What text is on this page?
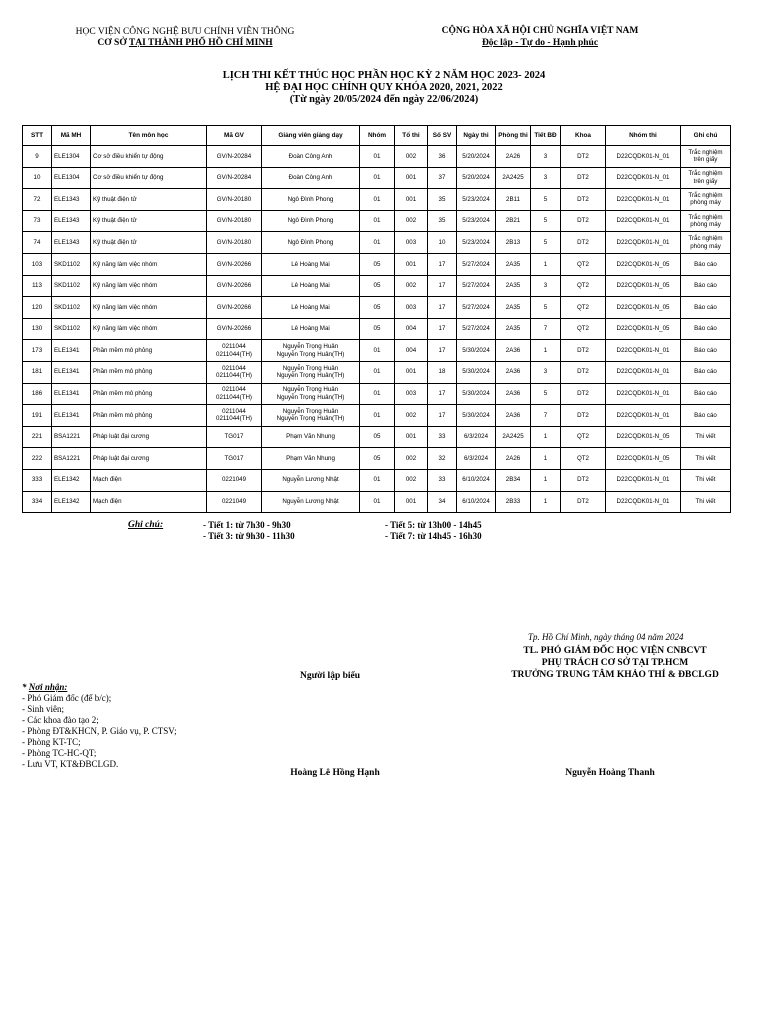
HỌC VIỆN CÔNG NGHỆ BƯU CHÍNH VIỄN THÔNG
CƠ SỞ TẠI THÀNH PHỐ HỒ CHÍ MINH
CỘNG HÒA XÃ HỘI CHỦ NGHĨA VIỆT NAM
Độc lập - Tự do - Hạnh phúc
LỊCH THI KẾT THÚC HỌC PHẦN HỌC KỲ 2 NĂM HỌC 2023- 2024
HỆ ĐẠI HỌC CHÍNH QUY KHÓA 2020, 2021, 2022
(Từ ngày 20/05/2024 đến ngày 22/06/2024)
STT	Mã MH	Tên môn học	Mã GV	Giảng viên giảng dạy	Nhóm	Tổ thi	Số SV	Ngày thi	Phòng thi	Tiết BĐ	Khoa	Nhóm thi	Ghi chú
9	ELE1304	Cơ sở điều khiển tự động	GV/N-20284	Đoàn Công Anh	01	002	36	5/20/2024	2A26	3	DT2	D22CQDK01-N_01	Trắc nghiệm
trên giấy
10	ELE1304	Cơ sở điều khiển tự động	GV/N-20284	Đoàn Công Anh	01	001	37	5/20/2024	2A2425	3	DT2	D22CQDK01-N_01	Trắc nghiệm
trên giấy
72	ELE1343	Kỹ thuật điện tử	GV/N-20180	Ngô Đình Phong	01	001	35	5/23/2024	2B11	5	DT2	D22CQDK01-N_01	Trắc nghiệm
phòng máy
73	ELE1343	Kỹ thuật điện tử	GV/N-20180	Ngô Đình Phong	01	002	35	5/23/2024	2B21	5	DT2	D22CQDK01-N_01	Trắc nghiệm
phòng máy
74	ELE1343	Kỹ thuật điện tử	GV/N-20180	Ngô Đình Phong	01	003	10	5/23/2024	2B13	5	DT2	D22CQDK01-N_01	Trắc nghiệm
phòng máy
103	SKD1102	Kỹ năng làm việc nhóm	GV/N-20266	Lê Hoàng Mai	05	001	17	5/27/2024	2A35	1	QT2	D22CQDK01-N_05	Báo cáo
113	SKD1102	Kỹ năng làm việc nhóm	GV/N-20266	Lê Hoàng Mai	05	002	17	5/27/2024	2A35	3	QT2	D22CQDK01-N_05	Báo cáo
120	SKD1102	Kỹ năng làm việc nhóm	GV/N-20266	Lê Hoàng Mai	05	003	17	5/27/2024	2A35	5	QT2	D22CQDK01-N_05	Báo cáo
130	SKD1102	Kỹ năng làm việc nhóm	GV/N-20266	Lê Hoàng Mai	05	004	17	5/27/2024	2A35	7	QT2	D22CQDK01-N_05	Báo cáo
173	ELE1341	Phần mềm mô phỏng	0211044
0211044(TH)	Nguyễn Trọng Huân
Nguyễn Trọng Huân(TH)	01	004	17	5/30/2024	2A36	1	DT2	D22CQDK01-N_01	Báo cáo
181	ELE1341	Phần mềm mô phỏng	0211044
0211044(TH)	Nguyễn Trọng Huân
Nguyễn Trọng Huân(TH)	01	001	18	5/30/2024	2A36	3	DT2	D22CQDK01-N_01	Báo cáo
186	ELE1341	Phần mềm mô phỏng	0211044
0211044(TH)	Nguyễn Trọng Huân
Nguyễn Trọng Huân(TH)	01	003	17	5/30/2024	2A36	5	DT2	D22CQDK01-N_01	Báo cáo
191	ELE1341	Phần mềm mô phỏng	0211044
0211044(TH)	Nguyễn Trọng Huân
Nguyễn Trọng Huân(TH)	01	002	17	5/30/2024	2A36	7	DT2	D22CQDK01-N_01	Báo cáo
221	BSA1221	Pháp luật đại cương	TG017	Phạm Văn Nhung	05	001	33	6/3/2024	2A2425	1	QT2	D22CQDK01-N_05	Thi viết
222	BSA1221	Pháp luật đại cương	TG017	Phạm Văn Nhung	05	002	32	6/3/2024	2A26	1	QT2	D22CQDK01-N_05	Thi viết
333	ELE1342	Mạch điện	0221049	Nguyễn Lương Nhật	01	002	33	6/10/2024	2B34	1	DT2	D22CQDK01-N_01	Thi viết
334	ELE1342	Mạch điện	0221049	Nguyễn Lương Nhật	01	001	34	6/10/2024	2B33	1	DT2	D22CQDK01-N_01	Thi viết
Ghi chú:	- Tiết 1: từ 7h30 - 9h30
- Tiết 3: từ 9h30 - 11h30
- Tiết 5: từ 13h00 - 14h45
- Tiết 7: từ 14h45 - 16h30
Tp. Hồ Chí Minh, ngày tháng 04 năm 2024
TL. PHÓ GIÁM ĐỐC HỌC VIỆN CNBCVT
PHỤ TRÁCH CƠ SỞ TẠI TP.HCM
TRƯỞNG TRUNG TÂM KHẢO THÍ & ĐBCLGD
Người lập biểu
* Nơi nhận:
- Phó Giám đốc (để b/c);
- Sinh viên;
- Các khoa đào tạo 2;
- Phòng ĐT&KHCN, P. Giáo vụ, P. CTSV;
- Phòng KT-TC;
- Phòng TC-HC-QT;
- Lưu VT, KT&ĐBCLGD.
Hoàng Lê Hồng Hạnh	Nguyễn Hoàng Thanh
